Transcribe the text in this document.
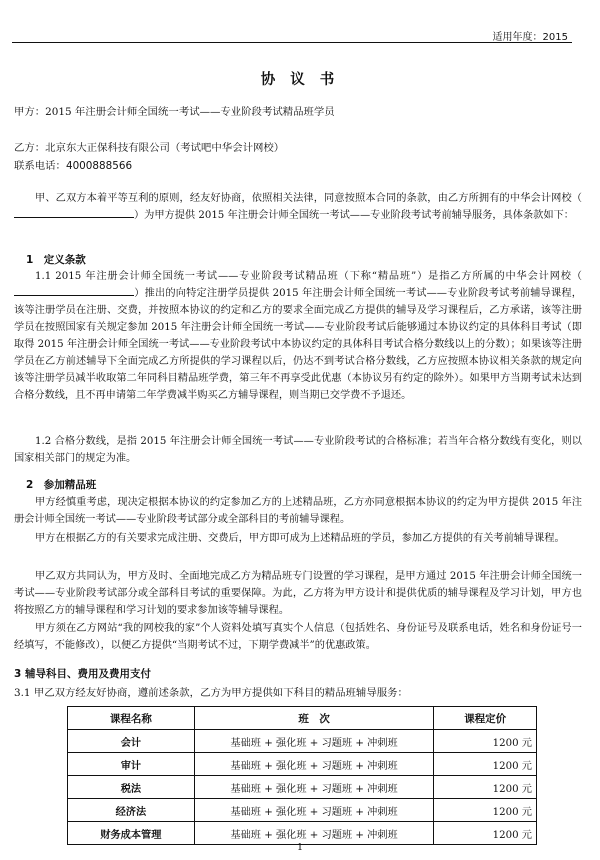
适用年度：2015
协 议 书
甲方：2015 年注册会计师全国统一考试——专业阶段考试精品班学员
乙方：北京东大正保科技有限公司（考试吧中华会计网校）
联系电话：4000888566
甲、乙双方本着平等互利的原则，经友好协商，依照相关法律，同意按照本合同的条款，由乙方所拥有的中华会计网校（）为甲方提供 2015 年注册会计师全国统一考试——专业阶段考试考前辅导服务，具体条款如下：
1　定义条款
1.1 2015 年注册会计师全国统一考试——专业阶段考试精品班（下称“精品班”）是指乙方所属的中华会计网校（）推出的向特定注册学员提供 2015 年注册会计师全国统一考试——专业阶段考试考前辅导课程，该等注册学员在注册、交费，并按照本协议的约定和乙方的要求全面完成乙方提供的辅导及学习课程后，乙方承诺，该等注册学员在按照国家有关规定参加 2015 年注册会计师全国统一考试——专业阶段考试后能够通过本协议约定的具体科目考试（即取得 2015 年注册会计师全国统一考试——专业阶段考试中本协议约定的具体科目考试合格分数线以上的分数）；如果该等注册学员在乙方前述辅导下全面完成乙方所提供的学习课程以后，仍达不到考试合格分数线，乙方应按照本协议相关条款的规定向该等注册学员减半收取第二年同科目精品班学费，第三年不再享受此优惠（本协议另有约定的除外）。如果甲方当期考试未达到合格分数线，且不再申请第二年学费减半购买乙方辅导课程，则当期已交学费不予退还。
1.2 合格分数线，是指 2015 年注册会计师全国统一考试——专业阶段考试的合格标准；若当年合格分数线有变化，则以国家相关部门的规定为准。
2　参加精品班
甲方经慎重考虑，现决定根据本协议的约定参加乙方的上述精品班，乙方亦同意根据本协议的约定为甲方提供 2015 年注册会计师全国统一考试——专业阶段考试部分或全部科目的考前辅导课程。
甲方在根据乙方的有关要求完成注册、交费后，甲方即可成为上述精品班的学员，参加乙方提供的有关考前辅导课程。
甲乙双方共同认为，甲方及时、全面地完成乙方为精品班专门设置的学习课程，是甲方通过 2015 年注册会计师全国统一考试——专业阶段考试部分或全部科目考试的重要保障。为此，乙方将为甲方设计和提供优质的辅导课程及学习计划，甲方也将按照乙方的辅导课程和学习计划的要求参加该等辅导课程。
甲方须在乙方网站“我的网校我的家”个人资料处填写真实个人信息（包括姓名、身份证号及联系电话，姓名和身份证号一经填写，不能修改），以便乙方提供“当期考试不过，下期学费减半”的优惠政策。
3 辅导科目、费用及费用支付
3.1 甲乙双方经友好协商，遵前述条款，乙方为甲方提供如下科目的精品班辅导服务：
课程名称	班　次	课程定价
会计	基础班 + 强化班 + 习题班 + 冲刺班	1200 元
审计	基础班 + 强化班 + 习题班 + 冲刺班	1200 元
税法	基础班 + 强化班 + 习题班 + 冲刺班	1200 元
经济法	基础班 + 强化班 + 习题班 + 冲刺班	1200 元
财务成本管理	基础班 + 强化班 + 习题班 + 冲刺班	1200 元
1
